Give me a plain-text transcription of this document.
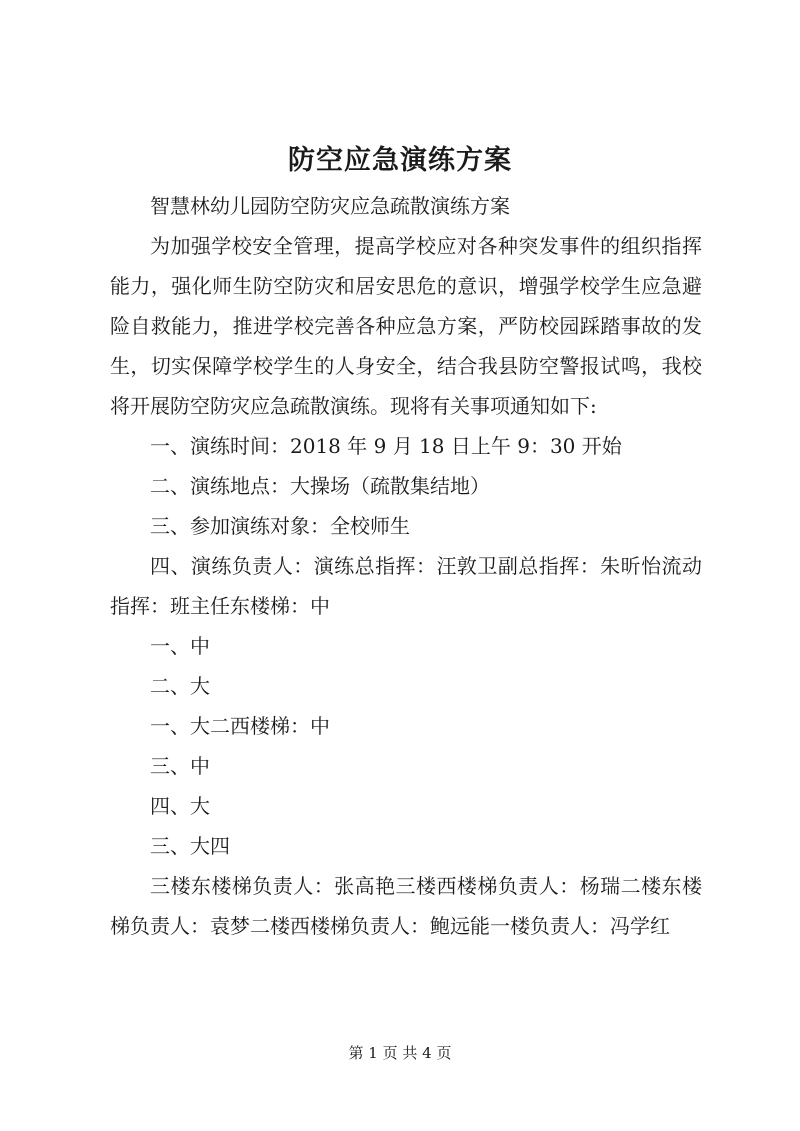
防空应急演练方案

智慧林幼儿园防空防灾应急疏散演练方案

为加强学校安全管理，提高学校应对各种突发事件的组织指挥能力，强化师生防空防灾和居安思危的意识，增强学校学生应急避险自救能力，推进学校完善各种应急方案，严防校园踩踏事故的发生，切实保障学校学生的人身安全，结合我县防空警报试鸣，我校将开展防空防灾应急疏散演练。现将有关事项通知如下:

一、演练时间：2018 年 9 月 18 日上午 9：30 开始

二、演练地点：大操场（疏散集结地）

三、参加演练对象：全校师生

四、演练负责人：演练总指挥：汪敦卫副总指挥：朱昕怡流动指挥：班主任东楼梯：中

一、中

二、大

一、大二西楼梯：中

三、中

四、大

三、大四

三楼东楼梯负责人：张高艳三楼西楼梯负责人：杨瑞二楼东楼梯负责人：袁梦二楼西楼梯负责人：鲍远能一楼负责人：冯学红

第 1 页 共 4 页
